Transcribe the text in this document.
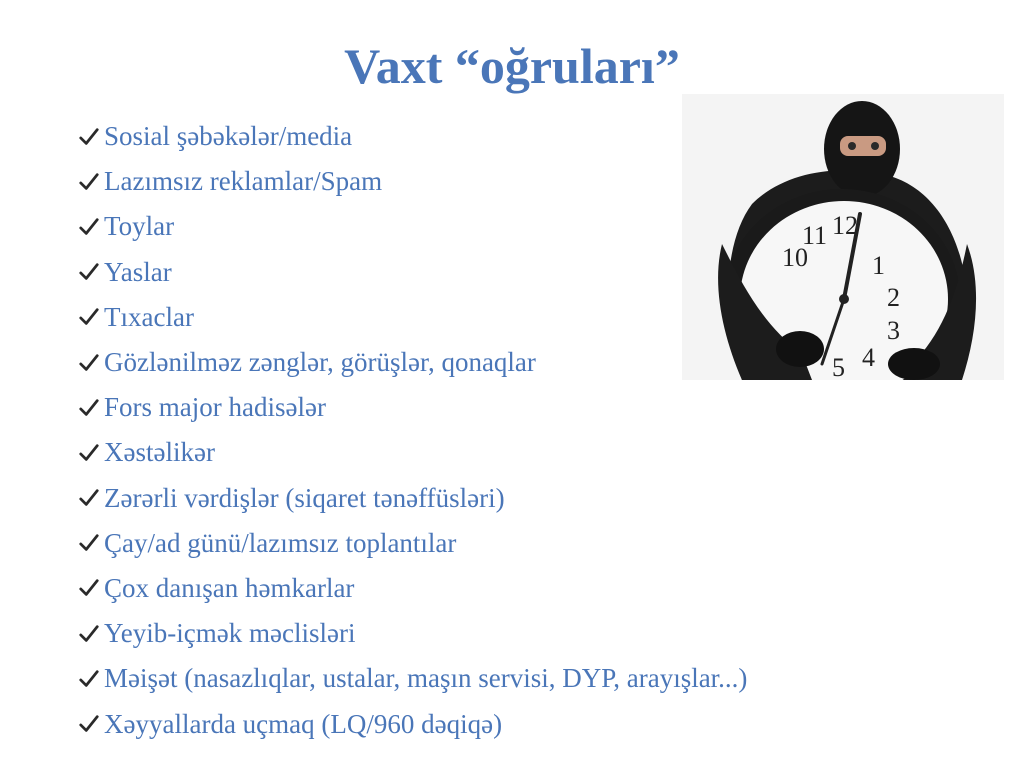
Vaxt “oğruları”
Sosial şəbəkələr/media
Lazımsız reklamlar/Spam
Toylar
Yaslar
Tıxaclar
Gözlənilməz zənglər, görüşlər, qonaqlar
Fors major hadisələr
Xəstəlikər
Zərərli vərdişlər (siqaret tənəffüsləri)
Çay/ad günü/lazımsız toplantılar
Çox danışan həmkarlar
Yeyib-içmək məclisləri
Məişət (nasazlıqlar, ustalar, maşın servisi, DYP, arayışlar...)
Xəyyallarda uçmaq (LQ/960 dəqiqə)
11 12
1
10
2
3
4
5
